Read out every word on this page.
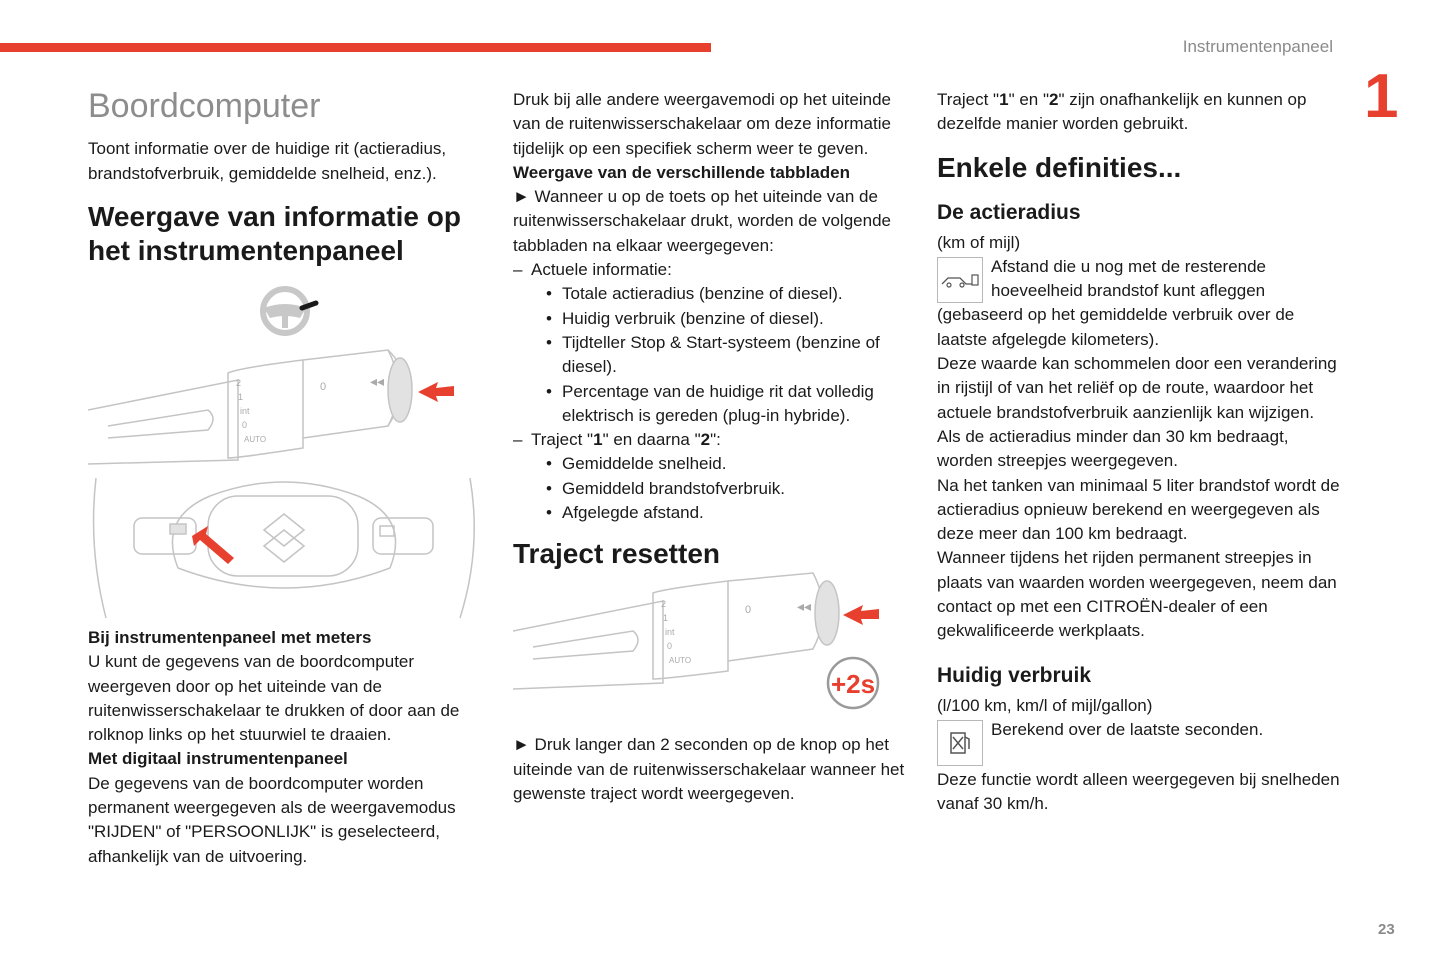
Instrumentenpaneel
1
23
Boordcomputer

Toont informatie over de huidige rit (actieradius, brandstofverbruik, gemiddelde snelheid, enz.).

Weergave van informatie op het instrumentenpaneel
2
1
int
0
AUTO
0	◂◂

Bij instrumentenpaneel met meters

U kunt de gegevens van de boordcomputer weergeven door op het uiteinde van de ruitenwisserschakelaar te drukken of door aan de rolknop links op het stuurwiel te draaien.

Met digitaal instrumentenpaneel

De gegevens van de boordcomputer worden permanent weergegeven als de weergavemodus "RIJDEN" of "PERSOONLIJK" is geselecteerd, afhankelijk van de uitvoering.

Druk bij alle andere weergavemodi op het uiteinde van de ruitenwisserschakelaar om deze informatie tijdelijk op een specifiek scherm weer te geven.

Weergave van de verschillende tabbladen

► Wanneer u op de toets op het uiteinde van de ruitenwisserschakelaar drukt, worden de volgende tabbladen na elkaar weergegeven:

– Actuele informatie:
• Totale actieradius (benzine of diesel).
• Huidig verbruik (benzine of diesel).
• Tijdteller Stop & Start-systeem (benzine of diesel).
• Percentage van de huidige rit dat volledig elektrisch is gereden (plug-in hybride).
– Traject "1" en daarna "2":
• Gemiddelde snelheid.
• Gemiddeld brandstofverbruik.
• Afgelegde afstand.
Traject resetten
2
1
int
0
AUTO
0	◂◂
+2s

► Druk langer dan 2 seconden op de knop op het uiteinde van de ruitenwisserschakelaar wanneer het gewenste traject wordt weergegeven.

Traject "1" en "2" zijn onafhankelijk en kunnen op dezelfde manier worden gebruikt.

Enkele definities...
De actieradius

(km of mijl)

Afstand die u nog met de resterende hoeveelheid brandstof kunt afleggen

(gebaseerd op het gemiddelde verbruik over de laatste afgelegde kilometers).

Deze waarde kan schommelen door een verandering in rijstijl of van het reliëf op de route, waardoor het actuele brandstofverbruik aanzienlijk kan wijzigen.

Als de actieradius minder dan 30 km bedraagt, worden streepjes weergegeven.

Na het tanken van minimaal 5 liter brandstof wordt de actieradius opnieuw berekend en weergegeven als deze meer dan 100 km bedraagt.

Wanneer tijdens het rijden permanent streepjes in plaats van waarden worden weergegeven, neem dan contact op met een CITROËN-dealer of een gekwalificeerde werkplaats.

Huidig verbruik

(l/100 km, km/l of mijl/gallon)

Berekend over de laatste seconden.

Deze functie wordt alleen weergegeven bij snelheden vanaf 30 km/h.
